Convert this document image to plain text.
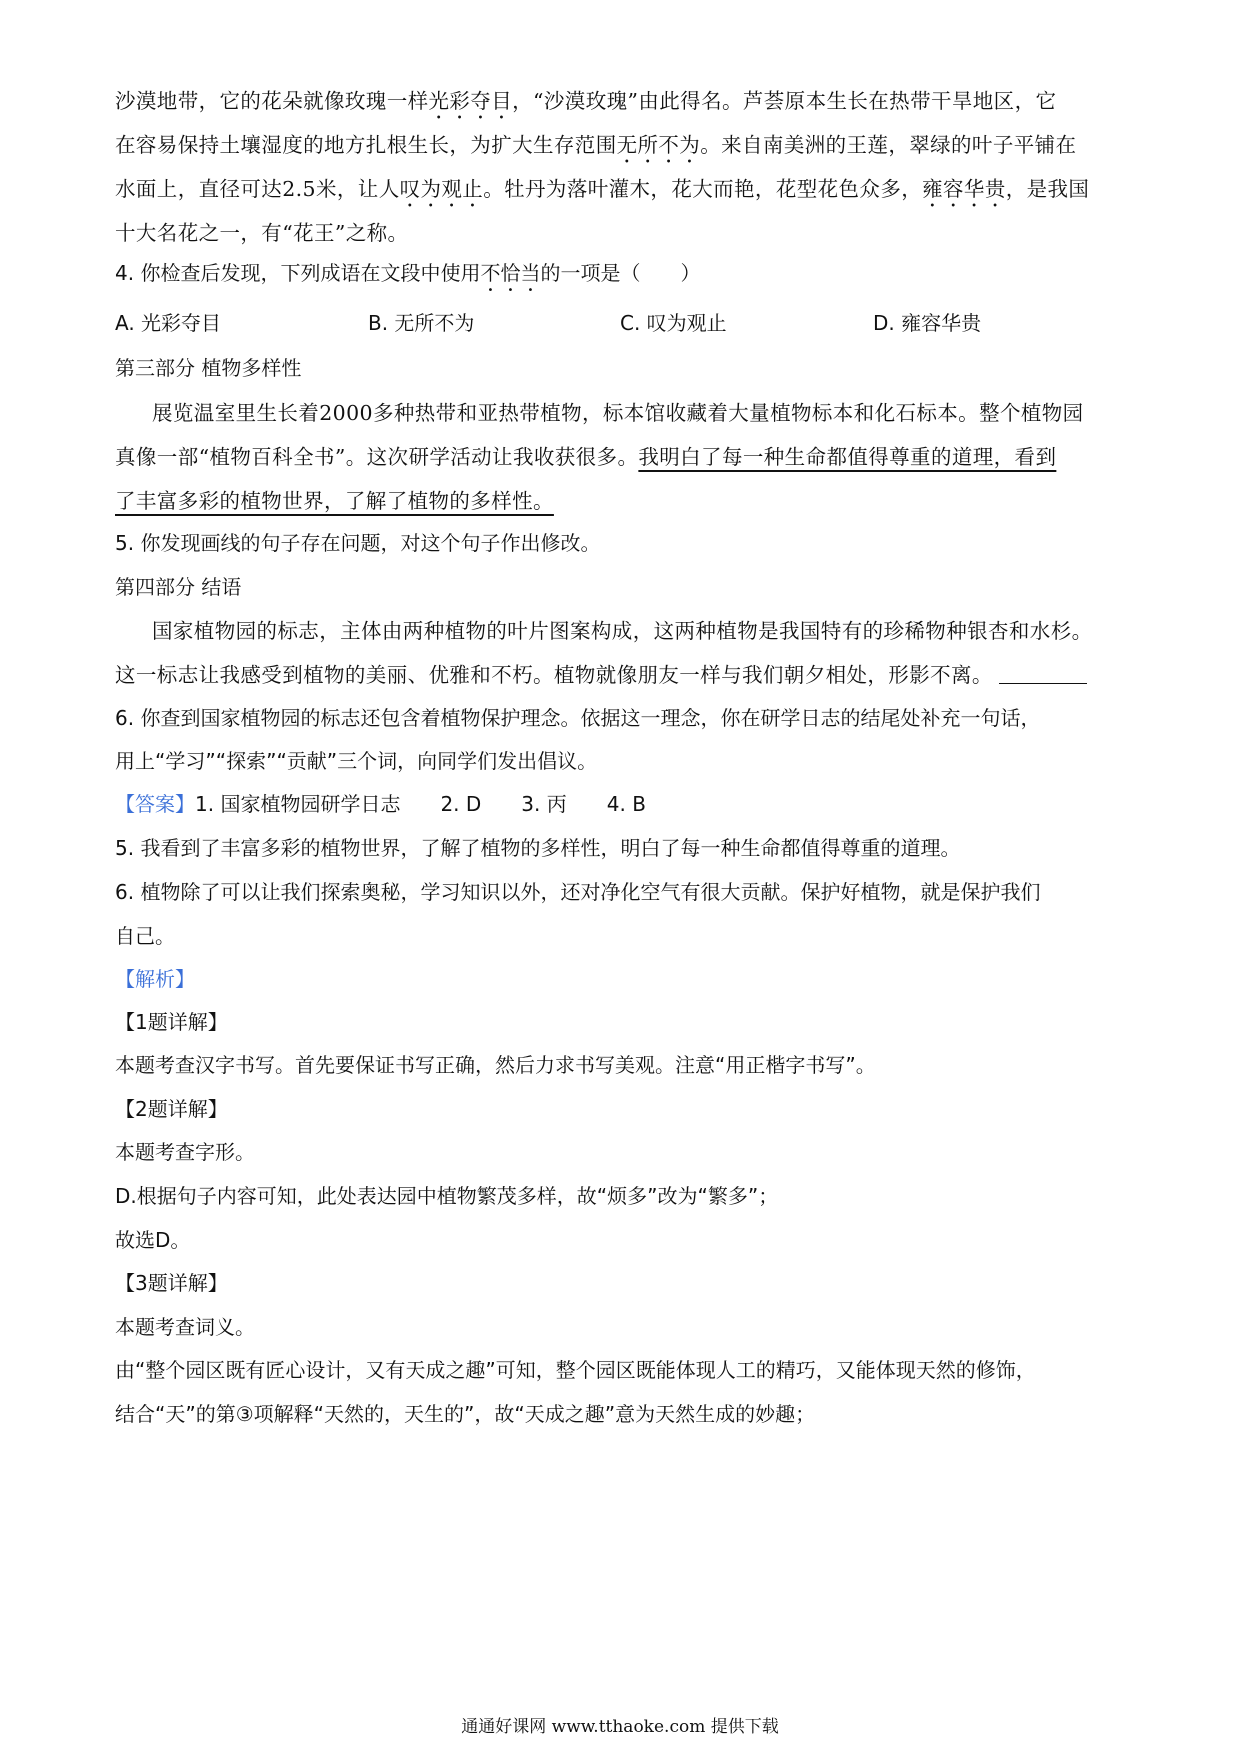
沙漠地带，它的花朵就像玫瑰一样光彩夺目，“沙漠玫瑰”由此得名。芦荟原本生长在热带干旱地区，它
在容易保持土壤湿度的地方扎根生长，为扩大生存范围无所不为。来自南美洲的王莲，翠绿的叶子平铺在
水面上，直径可达2.5米，让人叹为观止。牡丹为落叶灌木，花大而艳，花型花色众多，雍容华贵，是我国
十大名花之一，有“花王”之称。
4. 你检查后发现，下列成语在文段中使用不恰当的一项是（　　）
A. 光彩夺目	B. 无所不为	C. 叹为观止	D. 雍容华贵
第三部分 植物多样性
展览温室里生长着2000多种热带和亚热带植物，标本馆收藏着大量植物标本和化石标本。整个植物园
真像一部“植物百科全书”。这次研学活动让我收获很多。我明白了每一种生命都值得尊重的道理，看到
了丰富多彩的植物世界，了解了植物的多样性。
5. 你发现画线的句子存在问题，对这个句子作出修改。
第四部分 结语
国家植物园的标志，主体由两种植物的叶片图案构成，这两种植物是我国特有的珍稀物种银杏和水杉。
这一标志让我感受到植物的美丽、优雅和不朽。植物就像朋友一样与我们朝夕相处，形影不离。
6. 你查到国家植物园的标志还包含着植物保护理念。依据这一理念，你在研学日志的结尾处补充一句话，
用上“学习”“探索”“贡献”三个词，向同学们发出倡议。
【答案】1. 国家植物园研学日志 2. D 3. 丙 4. B
5. 我看到了丰富多彩的植物世界，了解了植物的多样性，明白了每一种生命都值得尊重的道理。
6. 植物除了可以让我们探索奥秘，学习知识以外，还对净化空气有很大贡献。保护好植物，就是保护我们
自己。
【解析】
【1题详解】
本题考查汉字书写。首先要保证书写正确，然后力求书写美观。注意“用正楷字书写”。
【2题详解】
本题考查字形。
D.根据句子内容可知，此处表达园中植物繁茂多样，故“烦多”改为“繁多”；
故选D。
【3题详解】
本题考查词义。
由“整个园区既有匠心设计，又有天成之趣”可知，整个园区既能体现人工的精巧，又能体现天然的修饰，
结合“天”的第③项解释“天然的，天生的”，故“天成之趣”意为天然生成的妙趣；
通通好课网 www.tthaoke.com 提供下载
